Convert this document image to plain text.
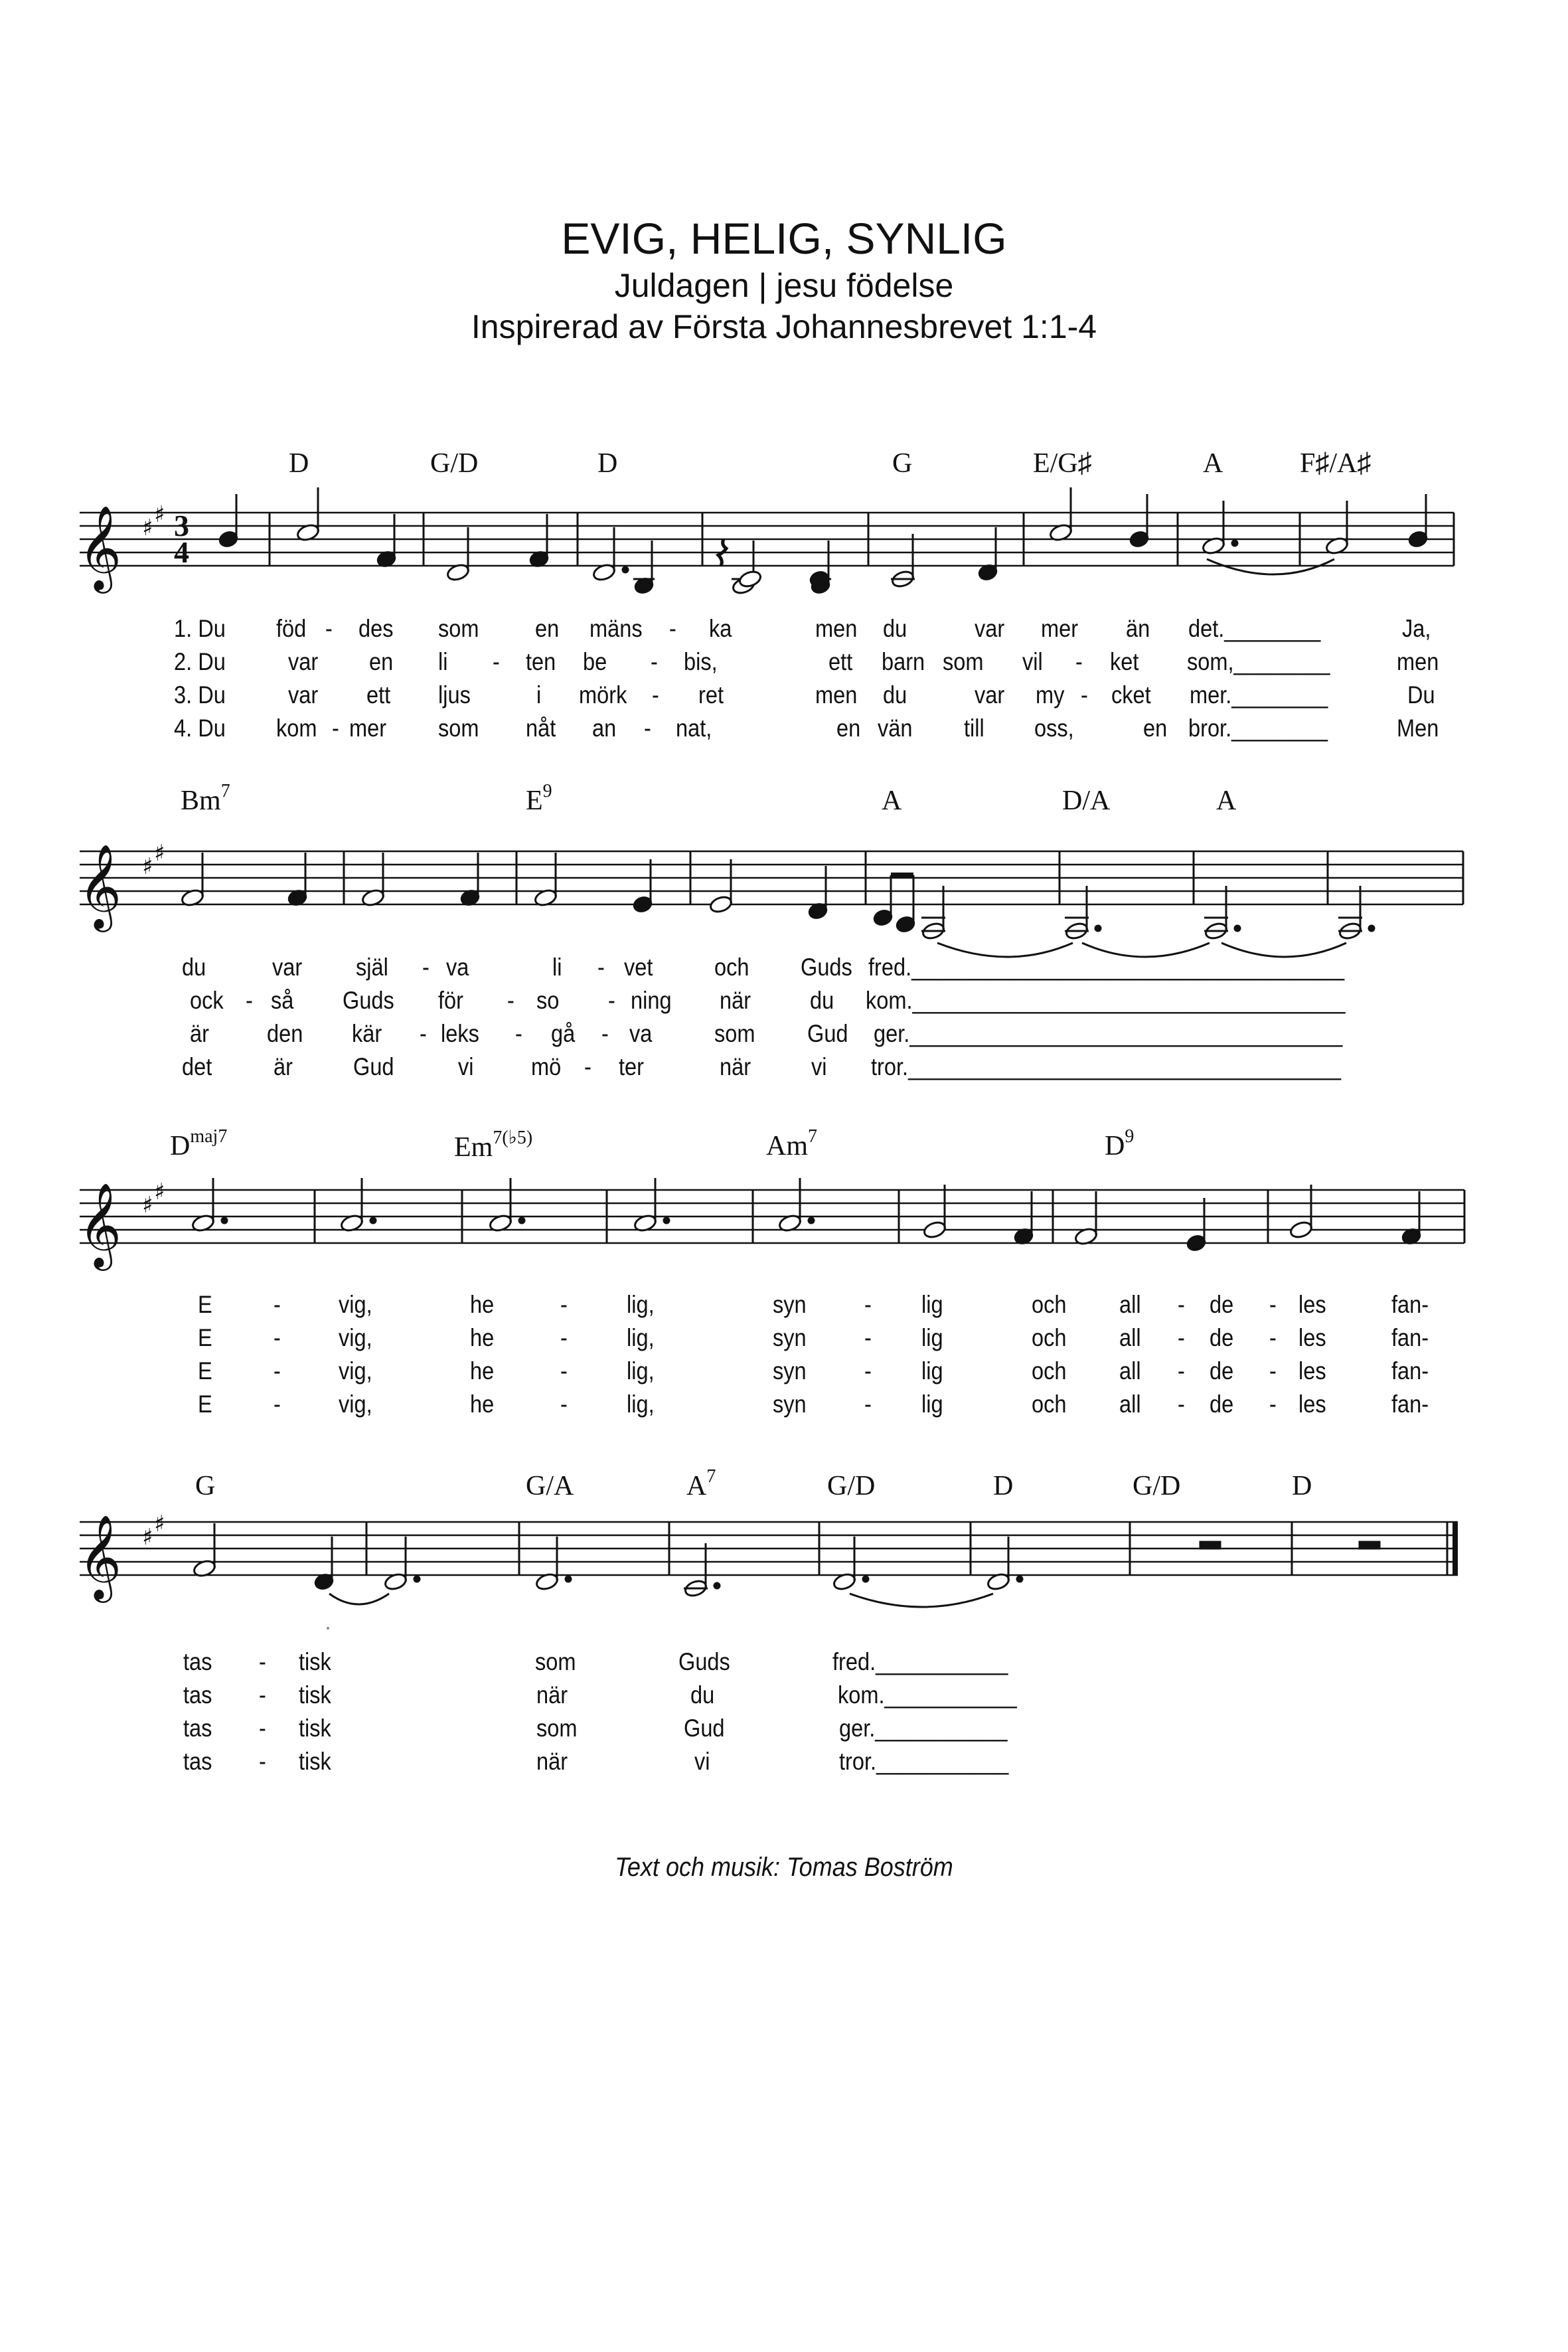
EVIG, HELIG, SYNLIG
Juldagen | jesu födelse
Inspirerad av Första Johannesbrevet 1:1-4
D	G/D	D	G	E/G♯	A	F♯/A♯
𝄞 ♯ ♯ 3
4
1. Du föd - des som en mäns - ka	men du	var mer än det.________	Ja,
2. Du	var en li - ten be - bis,	ett barn som vil - ket som,________	men
3. Du	var ett ljus	i mörk - ret	men du	var my - cket mer.________	Du
4. Du kom - mer som nåt an - nat,	en vän till oss,	en bror.________	Men
Bm$^7$	$E^9$	A	D/A	A
𝄞 ♯ ♯
du	var själ - va	li - vet	och Guds fred.____________________________________
ock - så Guds för - so - ning när du kom.____________________________________
är den kär - leks - gå - va	som Gud ger.____________________________________
det	är Gud	vi mö - ter	när vi tror.____________________________________
$D^{maj7}$	$Em^{7(♭5)}$	Am$^7$	$D^9$
𝄞 ♯ ♯
E - vig,	he	- lig,	syn - lig	och all - de - les	fan-
E - vig,	he	- lig,	syn - lig	och all - de - les	fan-
E - vig,	he	- lig,	syn - lig	och all - de - les	fan-
E - vig,	he	- lig,	syn - lig	och all - de - les	fan-
G	G/A	$A^7$	G/D	D	G/D	D
𝄞 ♯ ♯
tas - tisk	som	Guds	fred.___________
tas - tisk	när	du	kom.___________
tas - tisk	som	Gud	ger.___________
tas - tisk	när	vi	tror.___________
Text och musik: Tomas Boström
